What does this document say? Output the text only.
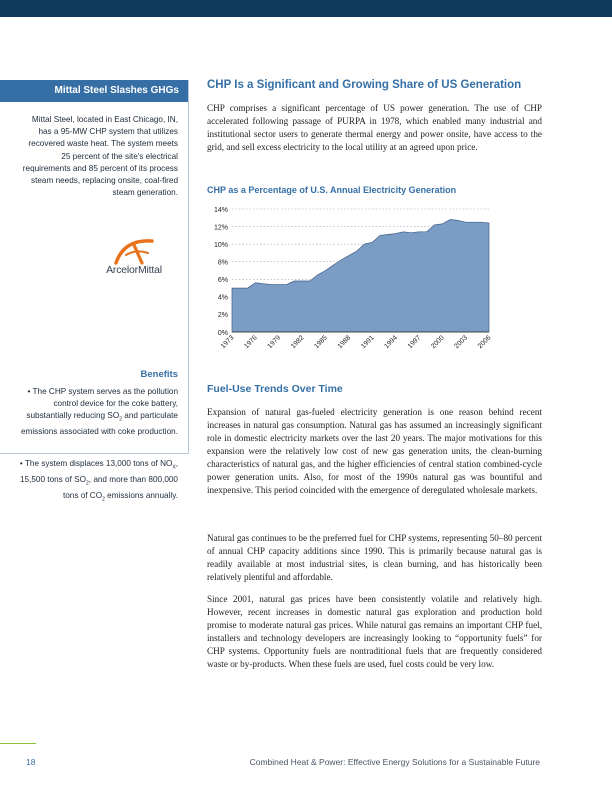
Mittal Steel Slashes GHGs
Mittal Steel, located in East Chicago, IN, has a 95-MW CHP system that utilizes recovered waste heat. The system meets 25 percent of the site's electrical requirements and 85 percent of its process steam needs, replacing onsite, coal-fired steam generation.
ArcelorMittal
Benefits
• The CHP system serves as the pollution control device for the coke battery, substantially reducing $SO_2$ and particulate emissions associated with coke production.
• The system displaces 13,000 tons of $NO_X$, 15,500 tons of $SO_2$, and more than 800,000 tons of $CO_2$ emissions annually.
CHP Is a Significant and Growing Share of US Generation
CHP comprises a significant percentage of US power generation. The use of CHP accelerated following passage of PURPA in 1978, which enabled many industrial and institutional sector users to generate thermal energy and power onsite, have access to the grid, and sell excess electricity to the local utility at an agreed upon price.
CHP as a Percentage of U.S. Annual Electricity Generation
0%
2%
4%
6%
8%
10%
12%
14%
1973 1976 1979 1982 1985 1988 1991 1994 1997 2000 2003 2006
Fuel-Use Trends Over Time
Expansion of natural gas-fueled electricity generation is one reason behind recent increases in natural gas consumption. Natural gas has assumed an increasingly significant role in domestic electricity markets over the last 20 years. The major motivations for this expansion were the relatively low cost of new gas generation units, the clean-burning characteristics of natural gas, and the higher efficiencies of central station combined-cycle power generation units. Also, for most of the 1990s natural gas was bountiful and inexpensive. This period coincided with the emergence of deregulated wholesale markets.
Natural gas continues to be the preferred fuel for CHP systems, representing 50–80 percent of annual CHP capacity additions since 1990. This is primarily because natural gas is readily available at most industrial sites, is clean burning, and has historically been relatively plentiful and affordable.
Since 2001, natural gas prices have been consistently volatile and relatively high. However, recent increases in domestic natural gas exploration and production hold promise to moderate natural gas prices. While natural gas remains an important CHP fuel, installers and technology developers are increasingly looking to “opportunity fuels” for CHP systems. Opportunity fuels are nontraditional fuels that are frequently considered waste or by-products. When these fuels are used, fuel costs could be very low.
18	Combined Heat & Power: Effective Energy Solutions for a Sustainable Future
